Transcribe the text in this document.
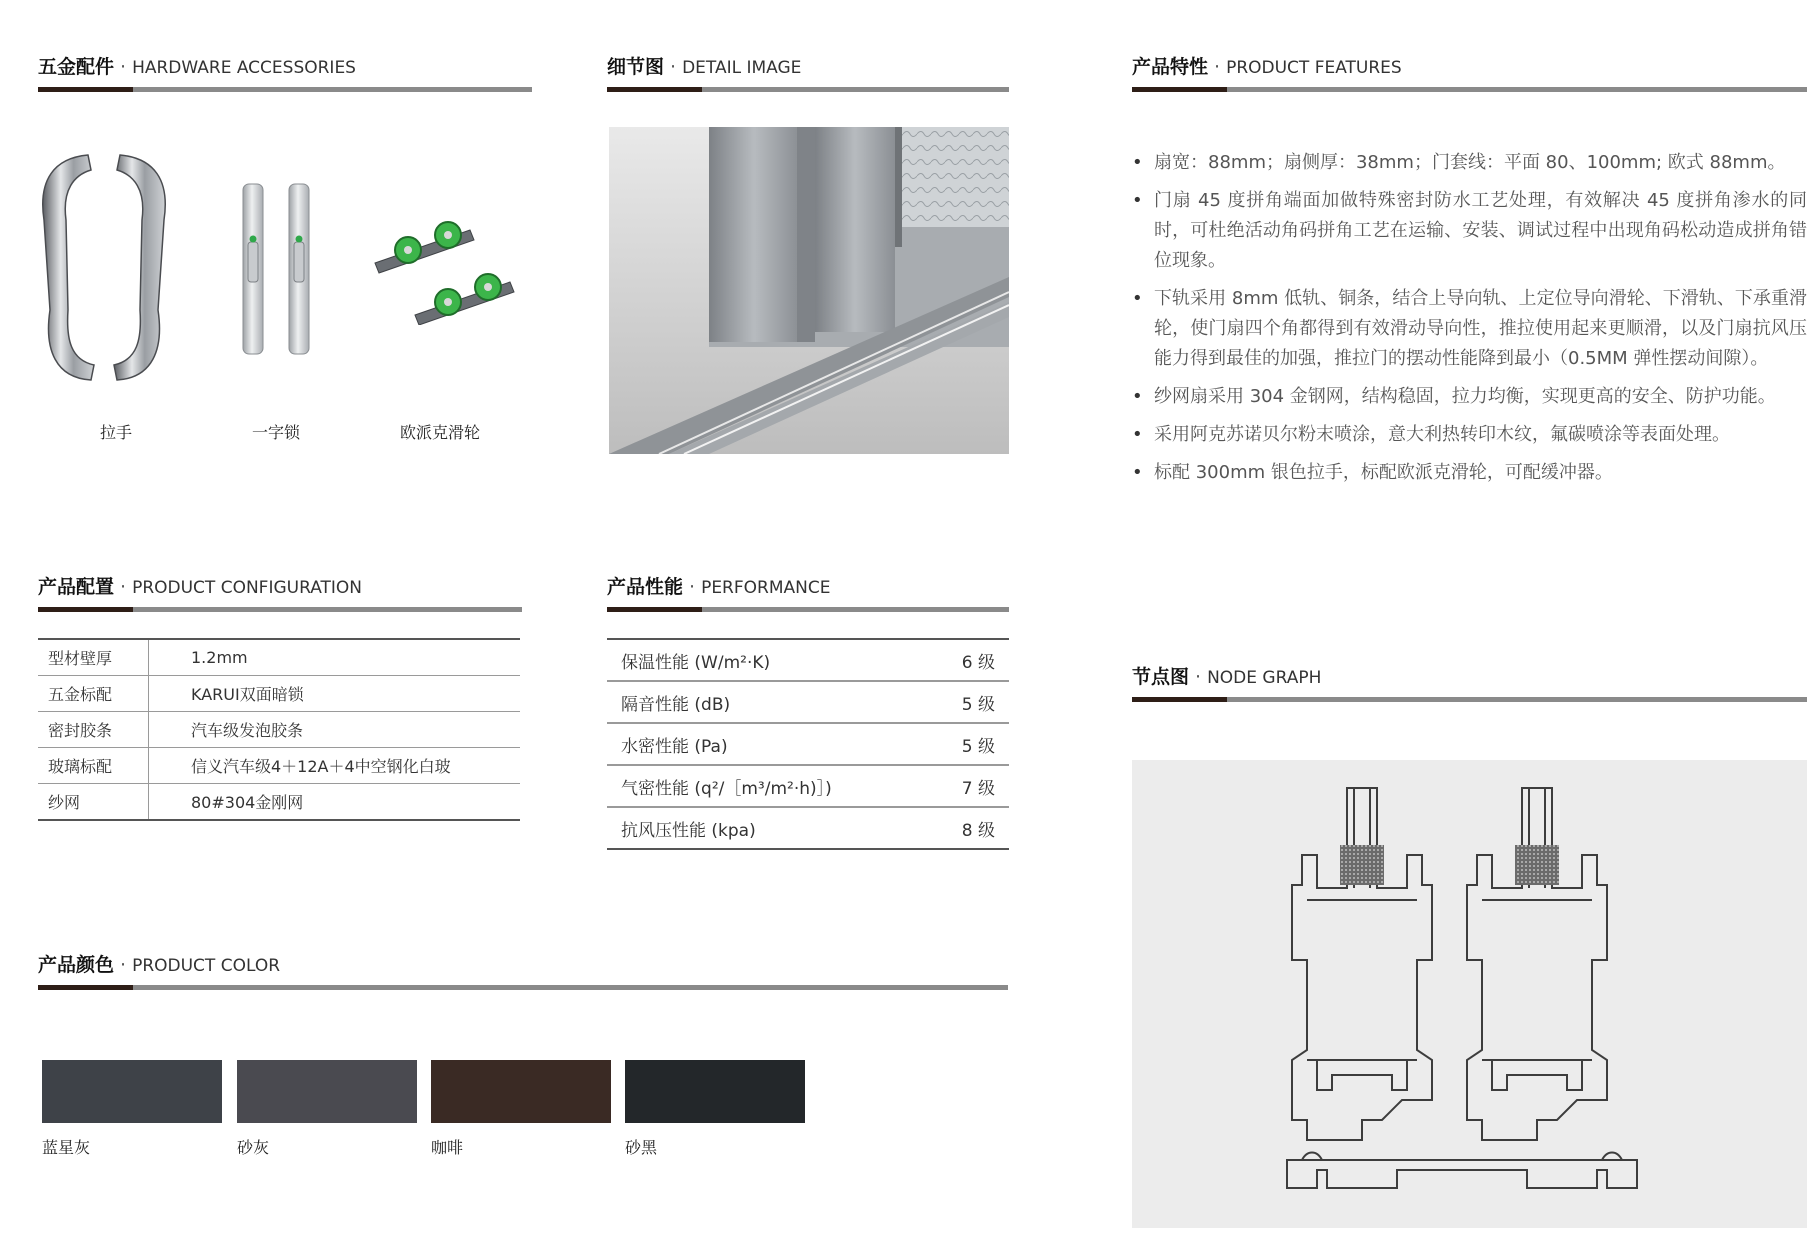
五金配件 · HARDWARE ACCESSORIES
拉手	一字锁	欧派克滑轮
细节图 · DETAIL IMAGE	产品特性 · PRODUCT FEATURES
• 扇宽：88mm；扇侧厚：38mm；门套线：平面 80、100mm; 欧式 88mm。
• 门扇 45 度拼角端面加做特殊密封防水工艺处理，有效解决 45 度拼角渗水的同时，可杜绝活动角码拼角工艺在运输、安装、调试过程中出现角码松动造成拼角错位现象。
• 下轨采用 8mm 低轨、铜条，结合上导向轨、上定位导向滑轮、下滑轨、下承重滑轮，使门扇四个角都得到有效滑动导向性，推拉使用起来更顺滑，以及门扇抗风压能力得到最佳的加强，推拉门的摆动性能降到最小（0.5MM 弹性摆动间隙）。
• 纱网扇采用 304 金钢网，结构稳固，拉力均衡，实现更高的安全、防护功能。
• 采用阿克苏诺贝尔粉末喷涂，意大利热转印木纹，氟碳喷涂等表面处理。
• 标配 300mm 银色拉手，标配欧派克滑轮，可配缓冲器。
产品配置 · PRODUCT CONFIGURATION
型材壁厚	1.2mm
五金标配	KARUI双面暗锁
密封胶条	汽车级发泡胶条
玻璃标配	信义汽车级4＋12A＋4中空钢化白玻
纱网	80#304金刚网
产品性能 · PERFORMANCE
保温性能 (W/m²·K)	6 级
隔音性能 (dB)	5 级
水密性能 (Pa)	5 级
气密性能 (q²/［m³/m²·h)］)	7 级
抗风压性能 (kpa)	8 级
节点图 · NODE GRAPH
产品颜色 · PRODUCT COLOR
蓝星灰	砂灰	咖啡	砂黑
